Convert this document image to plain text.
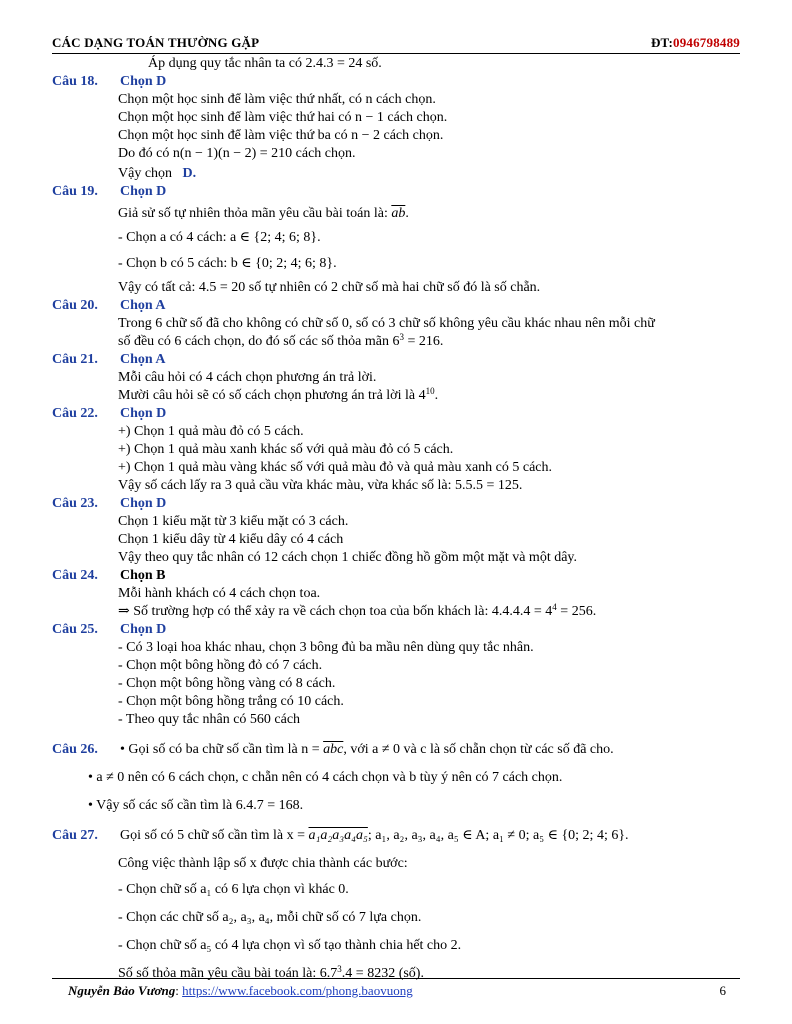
CÁC DẠNG TOÁN THƯỜNG GẶP	ĐT:0946798489
Áp dụng quy tắc nhân ta có 2.4.3 = 24 số.
Câu 18. Chọn D
Chọn một học sinh để làm việc thứ nhất, có n cách chọn.
Chọn một học sinh để làm việc thứ hai có n − 1 cách chọn.
Chọn một học sinh để làm việc thứ ba có n − 2 cách chọn.
Do đó có n(n − 1)(n − 2) = 210 cách chọn.
Vậy chọn D.
Câu 19. Chọn D
Giả sử số tự nhiên thỏa mãn yêu cầu bài toán là: $\overline{ab}$.
- Chọn a có 4 cách: a ∈ {2; 4; 6; 8}.
- Chọn b có 5 cách: b ∈ {0; 2; 4; 6; 8}.
Vậy có tất cả: 4.5 = 20 số tự nhiên có 2 chữ số mà hai chữ số đó là số chẵn.
Câu 20. Chọn A
Trong 6 chữ số đã cho không có chữ số 0, số có 3 chữ số không yêu cầu khác nhau nên mỗi chữ
số đều có 6 cách chọn, do đó số các số thỏa mãn $6^3 = 216$.
Câu 21. Chọn A
Mỗi câu hỏi có 4 cách chọn phương án trả lời.
Mười câu hỏi sẽ có số cách chọn phương án trả lời là $4^{10}$.
Câu 22. Chọn D
+) Chọn 1 quả màu đỏ có 5 cách.
+) Chọn 1 quả màu xanh khác số với quả màu đỏ có 5 cách.
+) Chọn 1 quả màu vàng khác số với quả màu đỏ và quả màu xanh có 5 cách.
Vậy số cách lấy ra 3 quả cầu vừa khác màu, vừa khác số là: 5.5.5 = 125.
Câu 23. Chọn D
Chọn 1 kiểu mặt từ 3 kiểu mặt có 3 cách.
Chọn 1 kiểu dây từ 4 kiểu dây có 4 cách
Vậy theo quy tắc nhân có 12 cách chọn 1 chiếc đồng hồ gồm một mặt và một dây.
Câu 24. Chọn B
Mỗi hành khách có 4 cách chọn toa.
⇒ Số trường hợp có thể xảy ra về cách chọn toa của bốn khách là: $4.4.4.4 = 4^4 = 256$.
Câu 25. Chọn D
- Có 3 loại hoa khác nhau, chọn 3 bông đủ ba mầu nên dùng quy tắc nhân.
- Chọn một bông hồng đỏ có 7 cách.
- Chọn một bông hồng vàng có 8 cách.
- Chọn một bông hồng trắng có 10 cách.
- Theo quy tắc nhân có 560 cách
Câu 26. • Gọi số có ba chữ số cần tìm là $n = \overline{abc}$, với a ≠ 0 và c là số chẵn chọn từ các số đã cho.
• a ≠ 0 nên có 6 cách chọn, c chẵn nên có 4 cách chọn và b tùy ý nên có 7 cách chọn.
• Vậy số các số cần tìm là 6.4.7 = 168.
Câu 27. Gọi số có 5 chữ số cần tìm là x = a₁a₂a₃a₄a₅; a₁, a₂, a₃, a₄, a₅ ∈ A; a₁ ≠ 0; a₅ ∈ {0; 2; 4; 6}.
Công việc thành lập số x được chia thành các bước:
- Chọn chữ số a₁ có 6 lựa chọn vì khác 0.
- Chọn các chữ số a₂, a₃, a₄, mỗi chữ số có 7 lựa chọn.
- Chọn chữ số a₅ có 4 lựa chọn vì số tạo thành chia hết cho 2.
Số số thỏa mãn yêu cầu bài toán là: $6.7^3.4 = 8232$ (số).
Nguyễn Bảo Vương: https://www.facebook.com/phong.baovuong	6
